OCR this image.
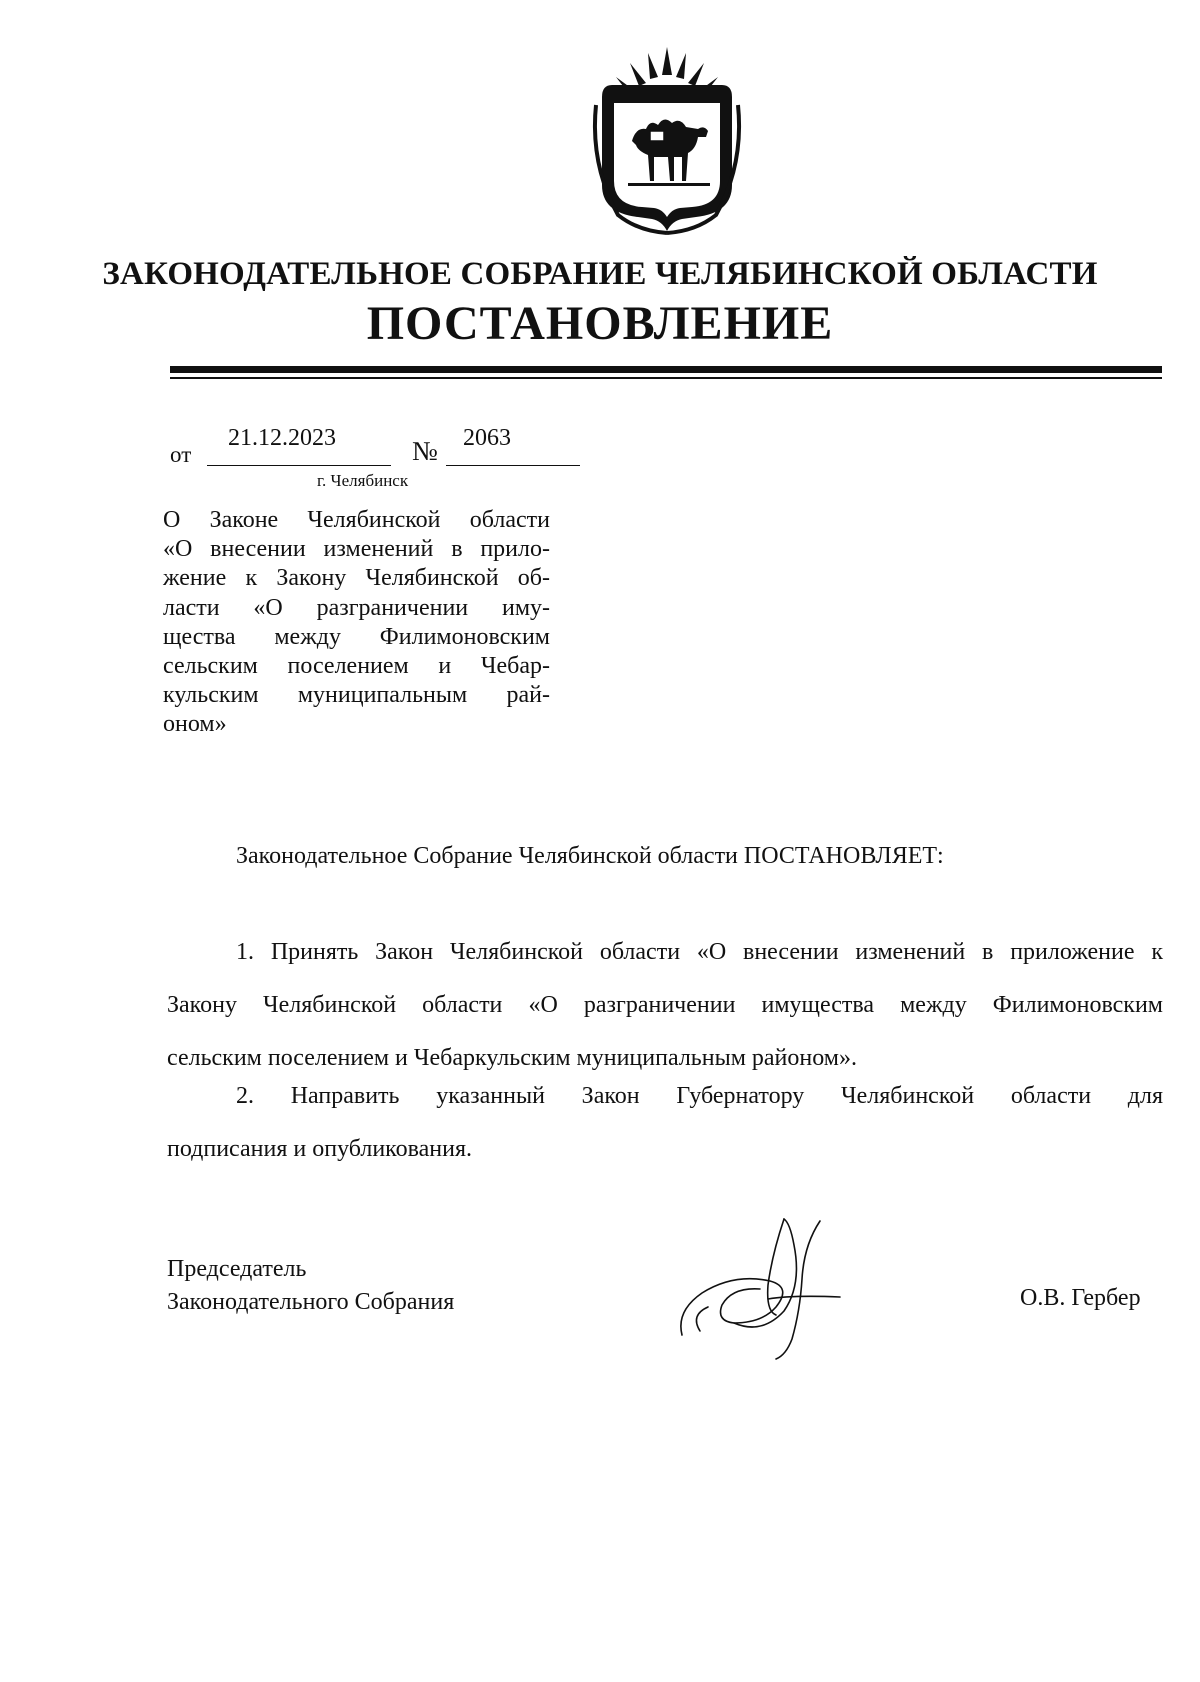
ЗАКОНОДАТЕЛЬНОЕ СОБРАНИЕ ЧЕЛЯБИНСКОЙ ОБЛАСТИ
ПОСТАНОВЛЕНИЕ
от
21.12.2023	№ 2063
г. Челябинск
О Законе Челябинской области
«О внесении изменений в прило-
жение к Закону Челябинской об-
ласти «О разграничении иму-
щества между Филимоновским
сельским поселением и Чебар-
кульским муниципальным рай-
оном»
Законодательное Собрание Челябинской области ПОСТАНОВЛЯЕТ:
1. Принять Закон Челябинской области «О внесении изменений в приложение к
Закону Челябинской области «О разграничении имущества между Филимоновским
сельским поселением и Чебаркульским муниципальным районом».
2. Направить указанный Закон Губернатору Челябинской области для
подписания и опубликования.
Председатель
Законодательного Собрания	О.В. Гербер
